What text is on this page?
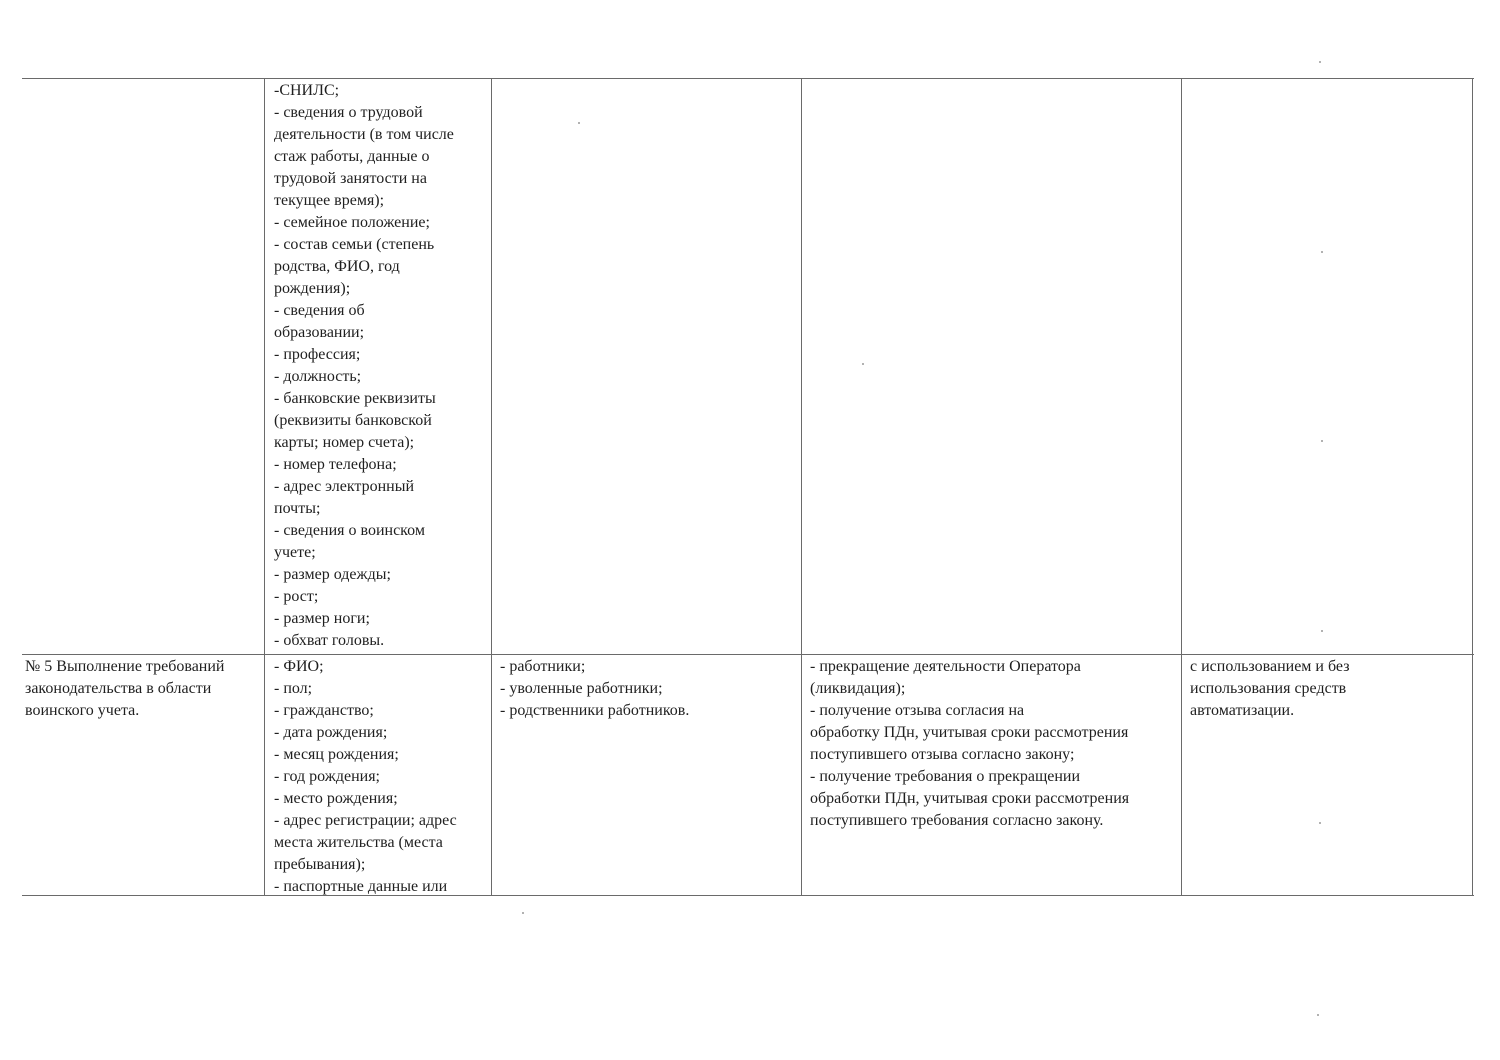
-СНИЛС;
- сведения о трудовой
деятельности (в том числе
стаж работы, данные о
трудовой занятости на
текущее время);
- семейное положение;
- состав семьи (степень
родства, ФИО, год
рождения);
- сведения об
образовании;
- профессия;
- должность;
- банковские реквизиты
(реквизиты банковской
карты; номер счета);
- номер телефона;
- адрес электронный
почты;
- сведения о воинском
учете;
- размер одежды;
- рост;
- размер ноги;
- обхват головы.
№ 5 Выполнение требований
законодательства в области
воинского учета.
- ФИО;
- пол;
- гражданство;
- дата рождения;
- месяц рождения;
- год рождения;
- место рождения;
- адрес регистрации; адрес
места жительства (места
пребывания);
- паспортные данные или
- работники;
- уволенные работники;
- родственники работников.
- прекращение деятельности Оператора
(ликвидация);
- получение отзыва согласия на
обработку ПДн, учитывая сроки рассмотрения
поступившего отзыва согласно закону;
- получение требования о прекращении
обработки ПДн, учитывая сроки рассмотрения
поступившего требования согласно закону.
с использованием и без
использования средств
автоматизации.
